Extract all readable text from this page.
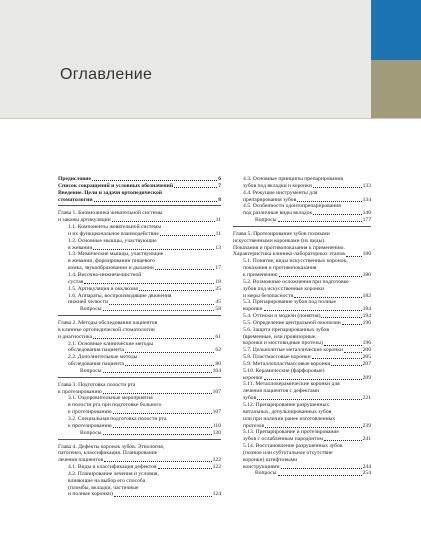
Оглавление
Предисловие	6
Список сокращений и условных обозначений	7
Введение. Цели и задачи ортопедической
стоматологии	8
Глава 1. Биомеханика жевательной системы
и законы артикуляции	11
1.1. Компоненты жевательной системы
и их функциональное взаимодействие	11
1.2. Основные мышцы, участвующие
в жевании	13
1.3. Мимические мышцы, участвующие
в жевании, формировании пищевого
комка, звукообразовании и дыхании	17
1.4. Височно-нижнечелюстной
сустав	18
1.5. Артикуляция и окклюзия	25
1.6. Аппараты, воспроизводящие движения
нижней челюсти	45
Вопросы	58
Глава 2. Методы обследования пациентов
в клинике ортопедической стоматологии
и диагностика	61
2.1. Основные клинические методы
обследования пациента	62
2.2. Дополнительные методы
обследования пациента	80
Вопросы	104
Глава 3. Подготовка полости рта
к протезированию	107
3.1. Оздоровительные мероприятия
в полости рта при подготовке больного
к протезированию	107
3.2. Специальная подготовка полости рта
к протезированию	110
Вопросы	120
Глава 4. Дефекты коронок зубов. Этиология,
патогенез, классификация. Планирование
лечения пациентов	122
4.1. Виды и классификация дефектов	122
4.2. Планирование лечения и условия,
влияющие на выбор его способа
(пломбы, вкладки, частичные
и полные коронки)	124
4.3. Основные принципы препарирования
зубов под вкладки и коронки	133
4.4. Режущие инструменты для
препарирования зубов	134
4.5. Особенности одонтопрепарирования
под различные виды вкладок	140
Вопросы	177
Глава 5. Протезирование зубов полными
искусственными коронками (их виды).
Показания и противопоказания к применению.
Характеристика клинико-лабораторных этапов	180
5.1. Понятие, виды искусственных коронок,
показания и противопоказания
к применению	180
5.2. Возможные осложнения при подготовке
зубов под искусственные коронки
и меры безопасности	182
5.3. Препарирование зубов под полные
коронки	184
5.4. Оттиски и модели (понятия)	194
5.5. Определение центральной окклюзии	196
5.6. Защита препарированных зубов
(временные, или провизорные,
коронки и мостовидные протезы)	196
5.7. Цельнолитые металлические коронки	200
5.8. Пластмассовые коронки	205
5.9. Металлопластмассовые коронки	207
5.10. Керамические (фарфоровые)
коронки	209
5.11. Металлокерамические коронки для
лечения пациентов с дефектами
зубов	221
5.12. Препарирование разрушенных
витальных, депульпированных зубов
или при наличии ранее изготовленных
протезов	239
5.13. Препарирование и протезирование
зубов с ослабленным пародонтом	241
5.14. Восстановление разрушенных зубов
(полное или субтотальное отсутствие
коронки) штифтовыми
конструкциями	244
Вопросы	254
